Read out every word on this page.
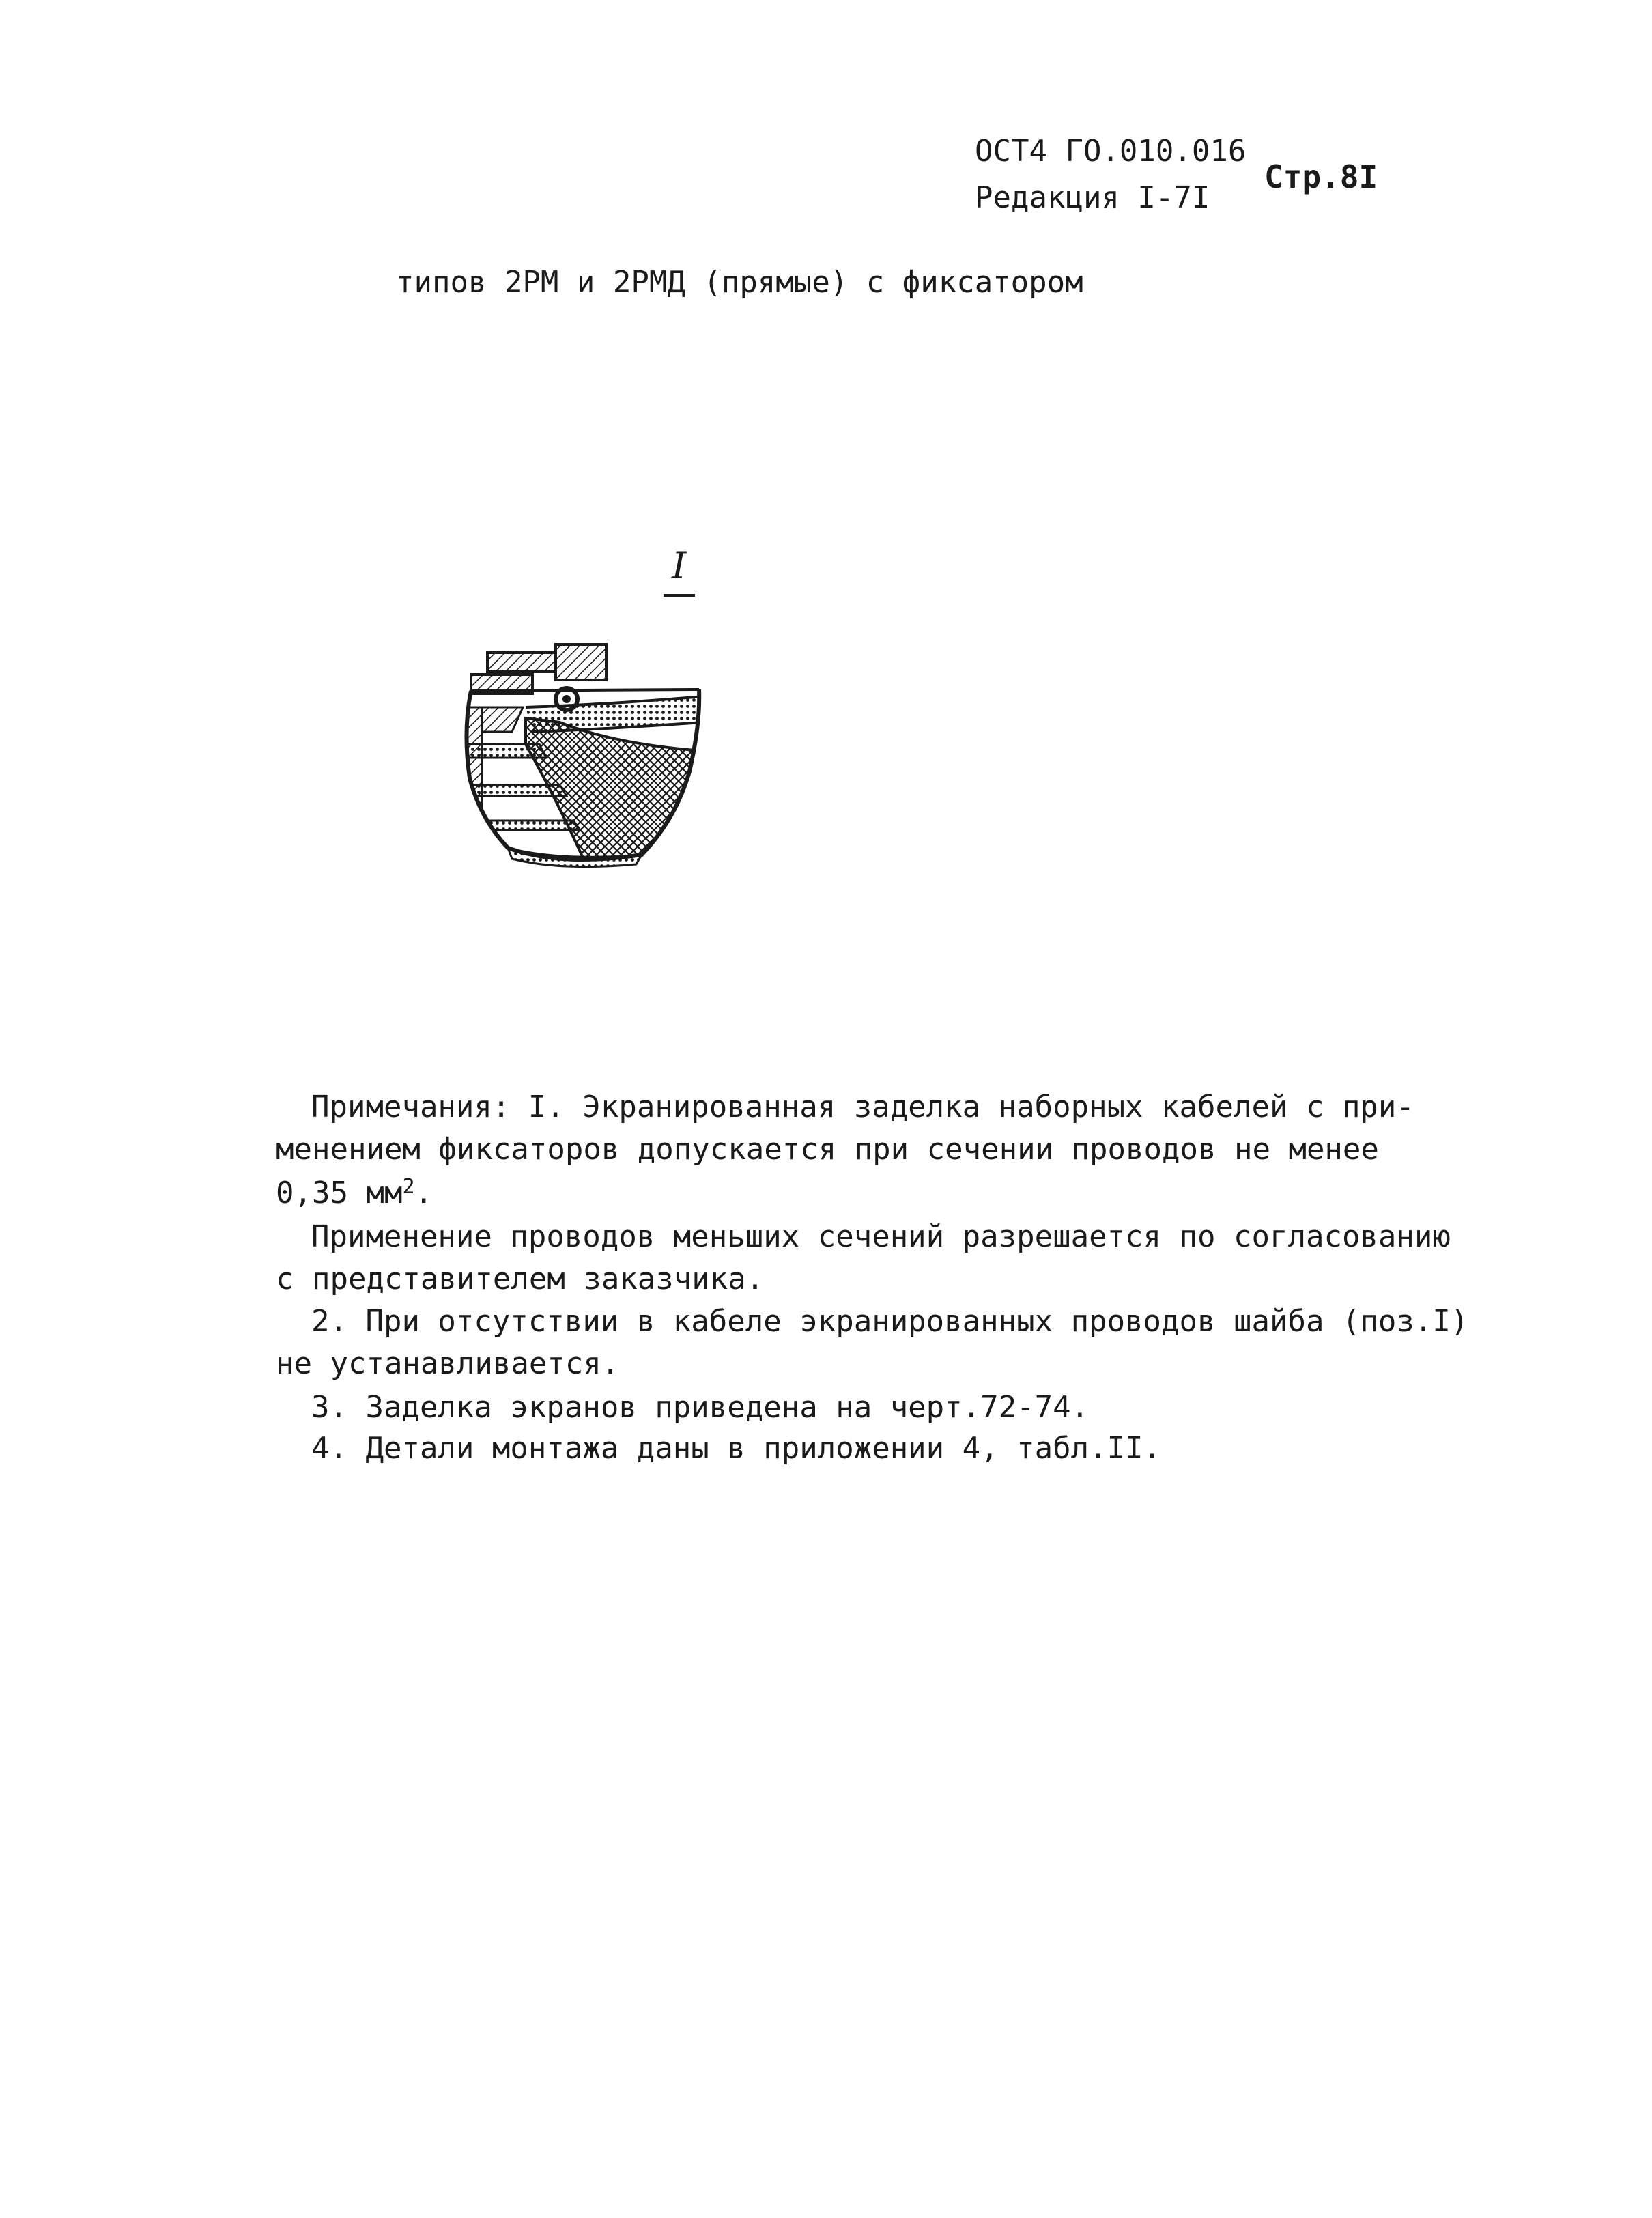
ОСТ4 ГО.010.016
Редакция I-7I
Стр.8I
типов 2РМ и 2РМД (прямые) с фиксатором
I
Примечания: I. Экранированная заделка наборных кабелей с при-
менением фиксаторов допускается при сечении проводов не менее
0,35 $мм^2$.
Применение проводов меньших сечений разрешается по согласованию
с представителем заказчика.
2. При отсутствии в кабеле экранированных проводов шайба (поз.I)
не устанавливается.
3. Заделка экранов приведена на черт.72-74.
4. Детали монтажа даны в приложении 4, табл.II.
